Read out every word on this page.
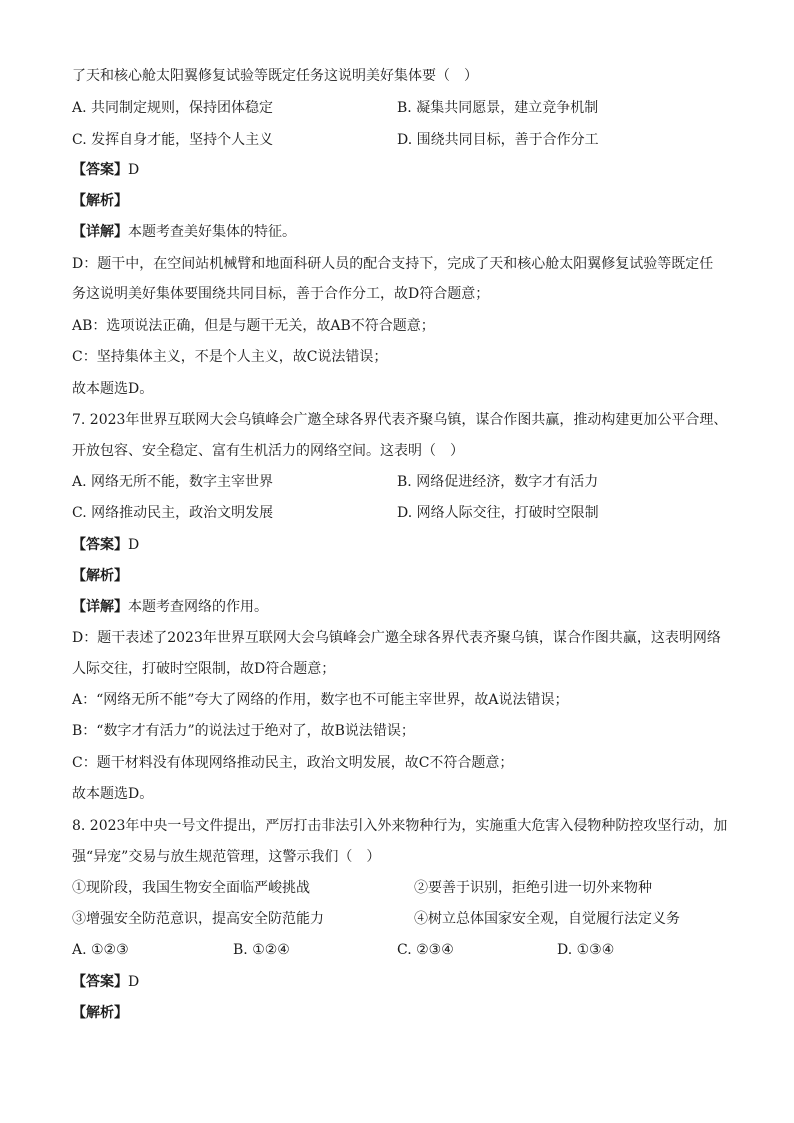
了天和核心舱太阳翼修复试验等既定任务这说明美好集体要（　）
A. 共同制定规则，保持团体稳定	B. 凝集共同愿景，建立竞争机制
C. 发挥自身才能，坚持个人主义	D. 围绕共同目标，善于合作分工
【答案】D
【解析】
【详解】本题考查美好集体的特征。
D：题干中，在空间站机械臂和地面科研人员的配合支持下，完成了天和核心舱太阳翼修复试验等既定任
务这说明美好集体要围绕共同目标，善于合作分工，故D符合题意；
AB：选项说法正确，但是与题干无关，故AB不符合题意；
C：坚持集体主义，不是个人主义，故C说法错误；
故本题选D。
7. 2023年世界互联网大会乌镇峰会广邀全球各界代表齐聚乌镇，谋合作图共赢，推动构建更加公平合理、
开放包容、安全稳定、富有生机活力的网络空间。这表明（　）
A. 网络无所不能，数字主宰世界	B. 网络促进经济，数字才有活力
C. 网络推动民主，政治文明发展	D. 网络人际交往，打破时空限制
【答案】D
【解析】
【详解】本题考查网络的作用。
D：题干表述了2023年世界互联网大会乌镇峰会广邀全球各界代表齐聚乌镇，谋合作图共赢，这表明网络
人际交往，打破时空限制，故D符合题意；
A：“网络无所不能”夸大了网络的作用，数字也不可能主宰世界，故A说法错误；
B：“数字才有活力”的说法过于绝对了，故B说法错误；
C：题干材料没有体现网络推动民主，政治文明发展，故C不符合题意；
故本题选D。
8. 2023年中央一号文件提出，严厉打击非法引入外来物种行为，实施重大危害入侵物种防控攻坚行动，加
强“异宠”交易与放生规范管理，这警示我们（　）
①现阶段，我国生物安全面临严峻挑战	②要善于识别，拒绝引进一切外来物种
③增强安全防范意识，提高安全防范能力	④树立总体国家安全观，自觉履行法定义务
A. ①②③	B. ①②④	C. ②③④	D. ①③④
【答案】D
【解析】
